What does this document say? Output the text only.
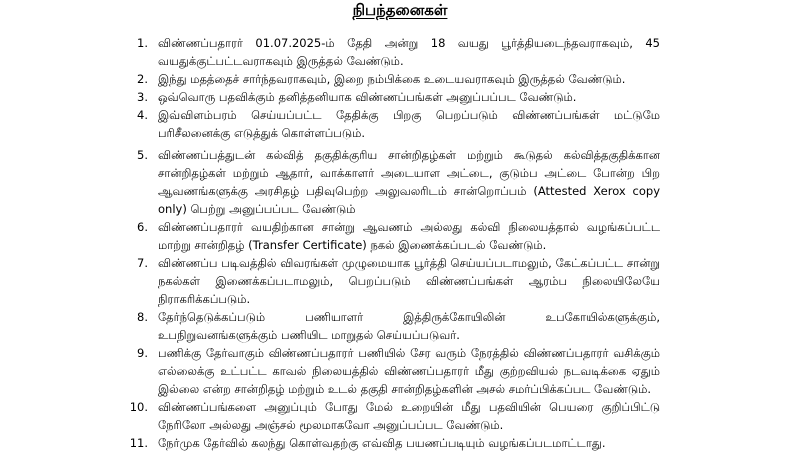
நிபந்தனைகள்
1. விண்ணப்பதாரர் 01.07.2025-ம் தேதி அன்று 18 வயது பூர்த்தியடைந்தவராகவும், 45 வயதுக்குட்பட்டவராகவும் இருத்தல் வேண்டும்.
2. இந்து மதத்தைச் சார்ந்தவராகவும், இறை நம்பிக்கை உடையவராகவும் இருத்தல் வேண்டும்.
3. ஒவ்வொரு பதவிக்கும் தனித்தனியாக விண்ணப்பங்கள் அனுப்பப்பட வேண்டும்.
4. இவ்விளம்பரம் செய்யப்பட்ட தேதிக்கு பிறகு பெறப்படும் விண்ணப்பங்கள் மட்டுமே பரிசீலனைக்கு எடுத்துக் கொள்ளப்படும்.
5. விண்ணப்பத்துடன் கல்வித் தகுதிக்குரிய சான்றிதழ்கள் மற்றும் கூடுதல் கல்வித்தகுதிக்கான சான்றிதழ்கள் மற்றும் ஆதார், வாக்காளர் அடையாள அட்டை, குடும்ப அட்டை போன்ற பிற ஆவணங்களுக்கு அரசிதழ் பதிவுபெற்ற அலுவலரிடம் சான்றொப்பம் (Attested Xerox copy only) பெற்று அனுப்பப்பட வேண்டும்
6. விண்ணப்பதாரர் வயதிற்கான சான்று ஆவணம் அல்லது கல்வி நிலையத்தால் வழங்கப்பட்ட மாற்று சான்றிதழ் (Transfer Certificate) நகல் இணைக்கப்படல் வேண்டும்.
7. விண்ணப்ப படிவத்தில் விவரங்கள் முழுமையாக பூர்த்தி செய்யப்படாமலும், கேட்கப்பட்ட சான்று நகல்கள் இணைக்கப்படாமலும், பெறப்படும் விண்ணப்பங்கள் ஆரம்ப நிலையிலேயே நிராகரிக்கப்படும்.
8. தேர்ந்தெடுக்கப்படும் பணியாளர் இத்திருக்கோயிலின் உபகோயில்களுக்கும், உபநிறுவனங்களுக்கும் பணியிட மாறுதல் செய்யப்படுவர்.
9. பணிக்கு தேர்வாகும் விண்ணப்பதாரர் பணியில் சேர வரும் நேரத்தில் விண்ணப்பதாரர் வசிக்கும் எல்லைக்கு உட்பட்ட காவல் நிலையத்தில் விண்ணப்பதாரர் மீது குற்றவியல் நடவடிக்கை ஏதும் இல்லை என்ற சான்றிதழ் மற்றும் உடல் தகுதி சான்றிதழ்களின் அசல் சமர்ப்பிக்கப்பட வேண்டும்.
10. விண்ணப்பங்களை அனுப்பும் போது மேல் உறையின் மீது பதவியின் பெயரை குறிப்பிட்டு நேரிலோ அல்லது அஞ்சல் மூலமாகவோ அனுப்பப்பட வேண்டும்.
11. நேர்முக தேர்வில் கலந்து கொள்வதற்கு எவ்வித பயணப்படியும் வழங்கப்படமாட்டாது.
